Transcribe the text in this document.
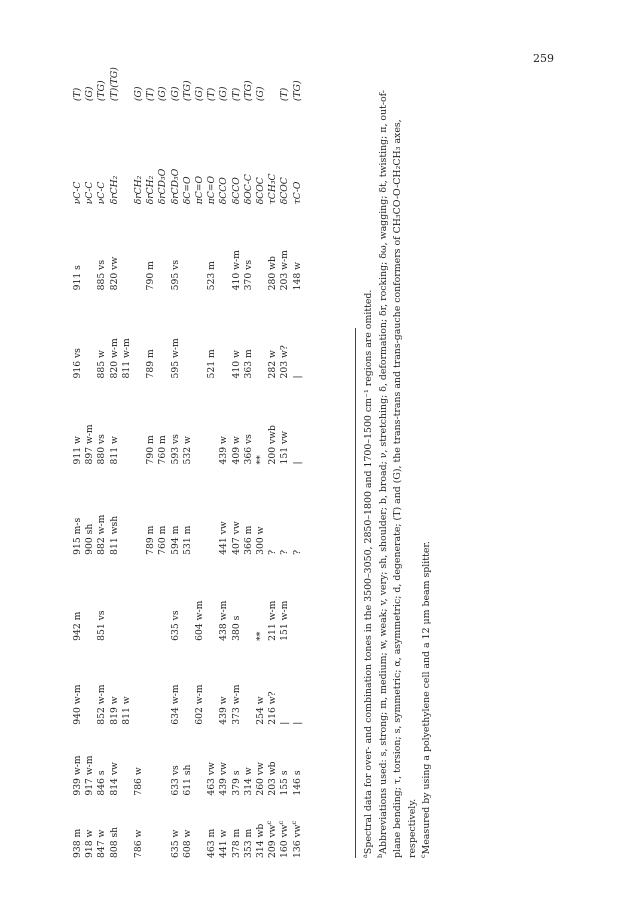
259
938 m	939 w-m	940 w-m	942 m	915 m-s	911 w	916 vs	911 s	νC-C	(T)
918 w	917 w-m			900 sh	897 w-m			νC-C	(G)
847 w	846 s	852 w-m	851 vs	882 w-m	880 vs	885 w	885 vs	νC-C	(TG)
808 sh	814 vw	819 w		811 wsh	811 w	820 w-m	820 vw	δrCH₂	(T)(TG)
		811 w				811 w-m			
786 w	786 w							δrCH₂	(G)
				789 m	790 m	789 m	790 m	δrCH₂	(T)
				760 m	760 m			δrCD₃O	(G)
635 w	633 vs	634 w-m	635 vs	594 m	593 vs	595 w-m	595 vs	δrCD₃O	(G)
608 w	611 sh			531 m	532 w			δC=O	(TG)
		602 w-m	604 w-m					πC=O	(G)
463 m	463 vw					521 m	523 m	πC=O	(T)
441 w	439 vw	439 w	438 w-m	441 vw	439 w			δCCO	(G)
378 m	379 s	373 w-m	380 s	407 vw	409 w	410 w	410 w-m	δCCO	(T)
353 m	314 w			366 m	366 vs	363 m	370 vs	δOC-C	(TG)
314 wb	260 vw	254 w	**	300 w	**			δCOC	(G)
209 $vw^c$	203 wb	216 w?	211 w-m	?	200 vwb	282 w	280 wb	τCH₃C	
160 $vw^c$	155 s	|	151 w-m	?	151 vw	203 w?	203 w-m	δCOC	(T)
136 $vw^c$	146 s	|		?	|	|	148 w	τC-O	(TG)

$^a$Spectral data for over- and combination tones in the 3500–3050, 2850–1800 and 1700–1500 cm⁻¹ regions are omitted.

$^b$Abbreviations used: s, strong; m, medium; w, weak; v, very; sh, shoulder; b, broad; ν, stretching; δ, deformation; δr, rocking; δω, wagging; δt, twisting; π, out-of-plane bending; τ, torsion; s, symmetric; α, asymmetric; d, degenerate; (T) and (G), the trans-trans and trans-gauche conformers of CH₃CO-O-CH₂CH₃ axes, respectively. $^c$Measured by using a polyethylene cell and a 12 μm beam splitter.
